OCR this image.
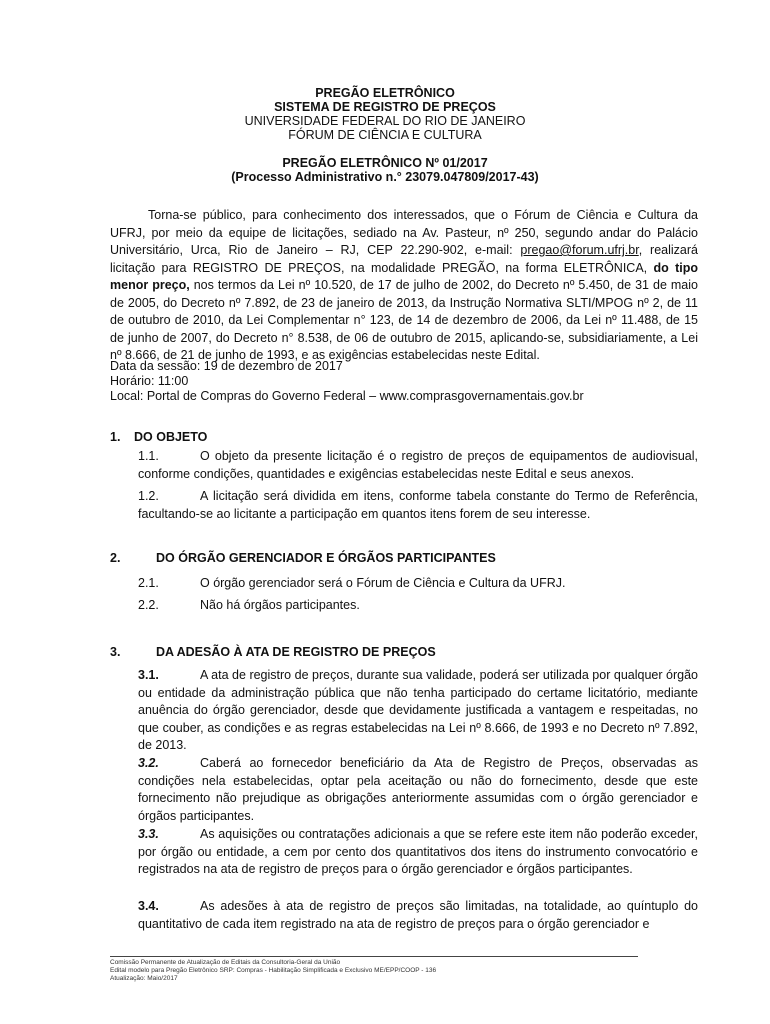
PREGÃO ELETRÔNICO
SISTEMA DE REGISTRO DE PREÇOS
UNIVERSIDADE FEDERAL DO RIO DE JANEIRO
FÓRUM DE CIÊNCIA E CULTURA
PREGÃO ELETRÔNICO Nº 01/2017
(Processo Administrativo n.° 23079.047809/2017-43)
Torna-se público, para conhecimento dos interessados, que o Fórum de Ciência e Cultura da UFRJ, por meio da equipe de licitações, sediado na Av. Pasteur, nº 250, segundo andar do Palácio Universitário, Urca, Rio de Janeiro – RJ, CEP 22.290-902, e-mail: pregao@forum.ufrj.br, realizará licitação para REGISTRO DE PREÇOS, na modalidade PREGÃO, na forma ELETRÔNICA, do tipo menor preço, nos termos da Lei nº 10.520, de 17 de julho de 2002, do Decreto nº 5.450, de 31 de maio de 2005, do Decreto nº 7.892, de 23 de janeiro de 2013, da Instrução Normativa SLTI/MPOG nº 2, de 11 de outubro de 2010, da Lei Complementar n° 123, de 14 de dezembro de 2006, da Lei nº 11.488, de 15 de junho de 2007, do Decreto n° 8.538, de 06 de outubro de 2015, aplicando-se, subsidiariamente, a Lei nº 8.666, de 21 de junho de 1993, e as exigências estabelecidas neste Edital.
Data da sessão: 19 de dezembro de 2017
Horário: 11:00
Local: Portal de Compras do Governo Federal – www.comprasgovernamentais.gov.br
1. DO OBJETO
1.1.	O objeto da presente licitação é o registro de preços de equipamentos de audiovisual, conforme condições, quantidades e exigências estabelecidas neste Edital e seus anexos.
1.2.	A licitação será dividida em itens, conforme tabela constante do Termo de Referência, facultando-se ao licitante a participação em quantos itens forem de seu interesse.
2.	DO ÓRGÃO GERENCIADOR E ÓRGÃOS PARTICIPANTES
2.1.	O órgão gerenciador será o Fórum de Ciência e Cultura da UFRJ.
2.2.	Não há órgãos participantes.
3.	DA ADESÃO À ATA DE REGISTRO DE PREÇOS
3.1.	A ata de registro de preços, durante sua validade, poderá ser utilizada por qualquer órgão ou entidade da administração pública que não tenha participado do certame licitatório, mediante anuência do órgão gerenciador, desde que devidamente justificada a vantagem e respeitadas, no que couber, as condições e as regras estabelecidas na Lei nº 8.666, de 1993 e no Decreto nº 7.892, de 2013.
3.2.	Caberá ao fornecedor beneficiário da Ata de Registro de Preços, observadas as condições nela estabelecidas, optar pela aceitação ou não do fornecimento, desde que este fornecimento não prejudique as obrigações anteriormente assumidas com o órgão gerenciador e órgãos participantes.
3.3.	As aquisições ou contratações adicionais a que se refere este item não poderão exceder, por órgão ou entidade, a cem por cento dos quantitativos dos itens do instrumento convocatório e registrados na ata de registro de preços para o órgão gerenciador e órgãos participantes.
3.4.	As adesões à ata de registro de preços são limitadas, na totalidade, ao quíntuplo do quantitativo de cada item registrado na ata de registro de preços para o órgão gerenciador e
Comissão Permanente de Atualização de Editais da Consultoria-Geral da União
Edital modelo para Pregão Eletrônico SRP: Compras - Habilitação Simplificada e Exclusivo ME/EPP/COOP - 136
Atualização: Maio/2017
